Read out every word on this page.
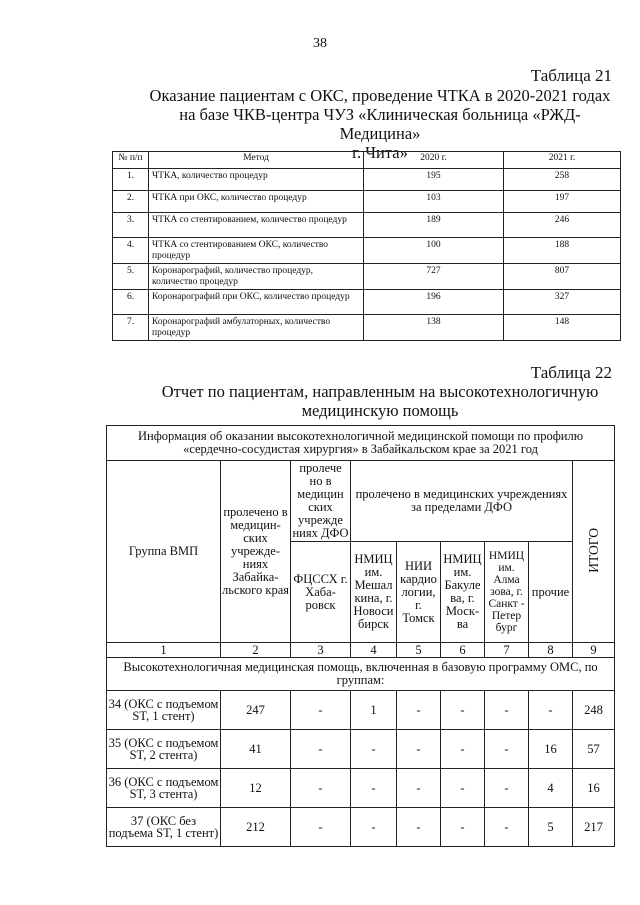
38
Таблица 21
Оказание пациентам с ОКС, проведение ЧТКА в 2020-2021 годах
на базе ЧКВ-центра ЧУЗ «Клиническая больница «РЖД-Медицина»
г. Чита»
№ п/п	Метод	2020 г.	2021 г.
1.	ЧТКА, количество процедур	195	258
2.	ЧТКА при ОКС, количество процедур	103	197
3.	ЧТКА со стентированием, количество процедур	189	246
4.	ЧТКА со стентированием ОКС, количество процедур	100	188
5.	Коронарографий, количество процедур, количество процедур	727	807
6.	Коронарографий при ОКС, количество процедур	196	327
7.	Коронарографий амбулаторных, количество процедур	138	148
Таблица 22
Отчет по пациентам, направленным на высокотехнологичную
медицинскую помощь
Информация об оказании высокотехнологичной медицинской помощи по профилю «сердечно-сосудистая хирургия» в Забайкальском крае за 2021 год								
Группа ВМП	пролечено в медицин-ских учрежде-ниях Забайка-льского края	пролече но в медицин ских учрежде ниях ДФО	пролечено в медицинских учреждениях за пределами ДФО					ИТОГО
		ФЦССХ г. Хаба-ровск	НМИЦ им. Мешал кина, г. Новоси бирск	НИИ кардио логии, г. Томск	НМИЦ им. Бакуле ва, г. Моск-ва	НМИЦ им. Алма зова, г. Санкт - Петер бург	прочие	
1	2	3	4	5	6	7	8	9
Высокотехнологичная медицинская помощь, включенная в базовую программу ОМС, по группам:								
34 (ОКС с подъемом ST, 1 стент)	247	-	1	-	-	-	-	248
35 (ОКС с подъемом ST, 2 стента)	41	-	-	-	-	-	16	57
36 (ОКС с подъемом ST, 3 стента)	12	-	-	-	-	-	4	16
37 (ОКС без подъема ST, 1 стент)	212	-	-	-	-	-	5	217
